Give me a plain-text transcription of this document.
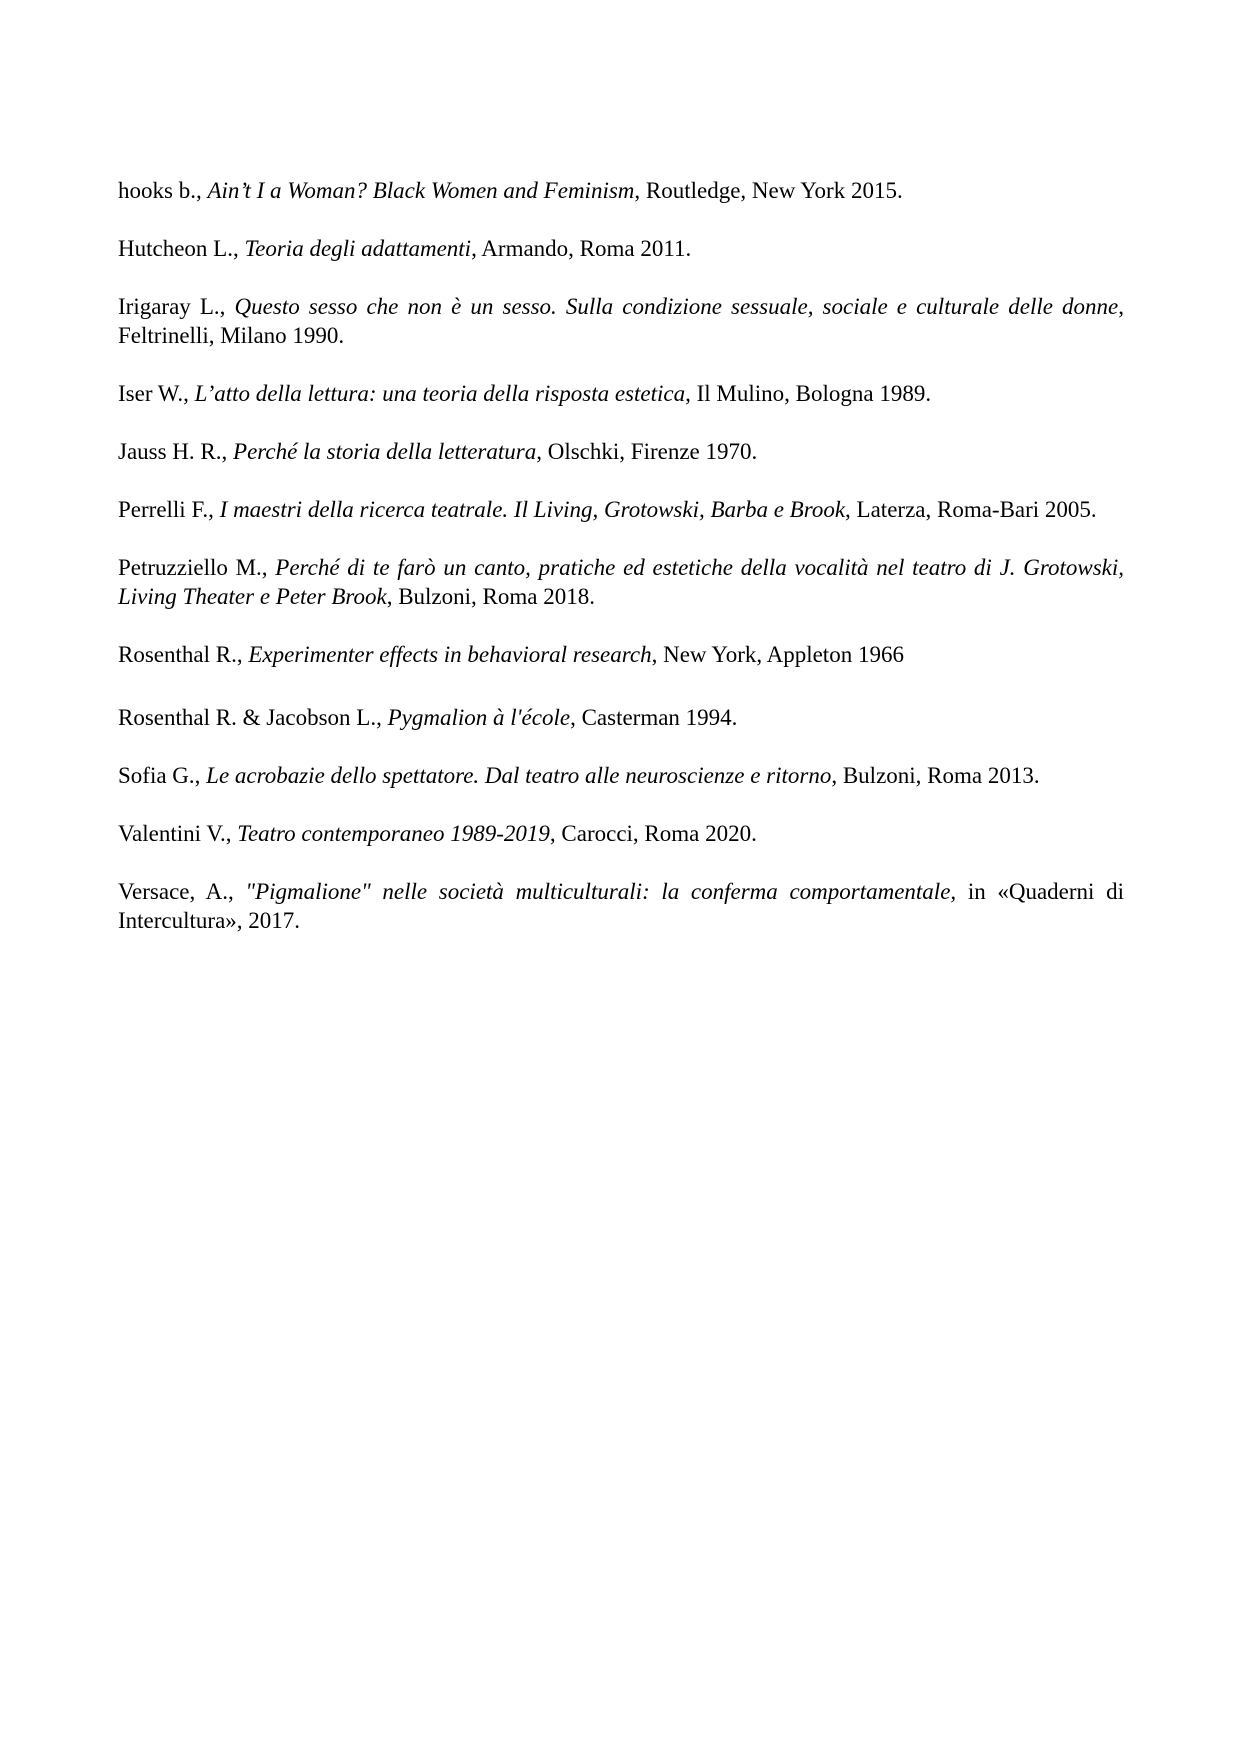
hooks b., Ain’t I a Woman? Black Women and Feminism, Routledge, New York 2015.

Hutcheon L., Teoria degli adattamenti, Armando, Roma 2011.

Irigaray L., Questo sesso che non è un sesso. Sulla condizione sessuale, sociale e culturale delle donne, Feltrinelli, Milano 1990.

Iser W., L’atto della lettura: una teoria della risposta estetica, Il Mulino, Bologna 1989.

Jauss H. R., Perché la storia della letteratura, Olschki, Firenze 1970.

Perrelli F., I maestri della ricerca teatrale. Il Living, Grotowski, Barba e Brook, Laterza, Roma-Bari 2005.

Petruzziello M., Perché di te farò un canto, pratiche ed estetiche della vocalità nel teatro di J. Grotowski, Living Theater e Peter Brook, Bulzoni, Roma 2018.

Rosenthal R., Experimenter effects in behavioral research, New York, Appleton 1966

Rosenthal R. & Jacobson L., Pygmalion à l'école, Casterman 1994.

Sofia G., Le acrobazie dello spettatore. Dal teatro alle neuroscienze e ritorno, Bulzoni, Roma 2013.

Valentini V., Teatro contemporaneo 1989-2019, Carocci, Roma 2020.

Versace, A., "Pigmalione" nelle società multiculturali: la conferma comportamentale, in «Quaderni di Intercultura», 2017.
